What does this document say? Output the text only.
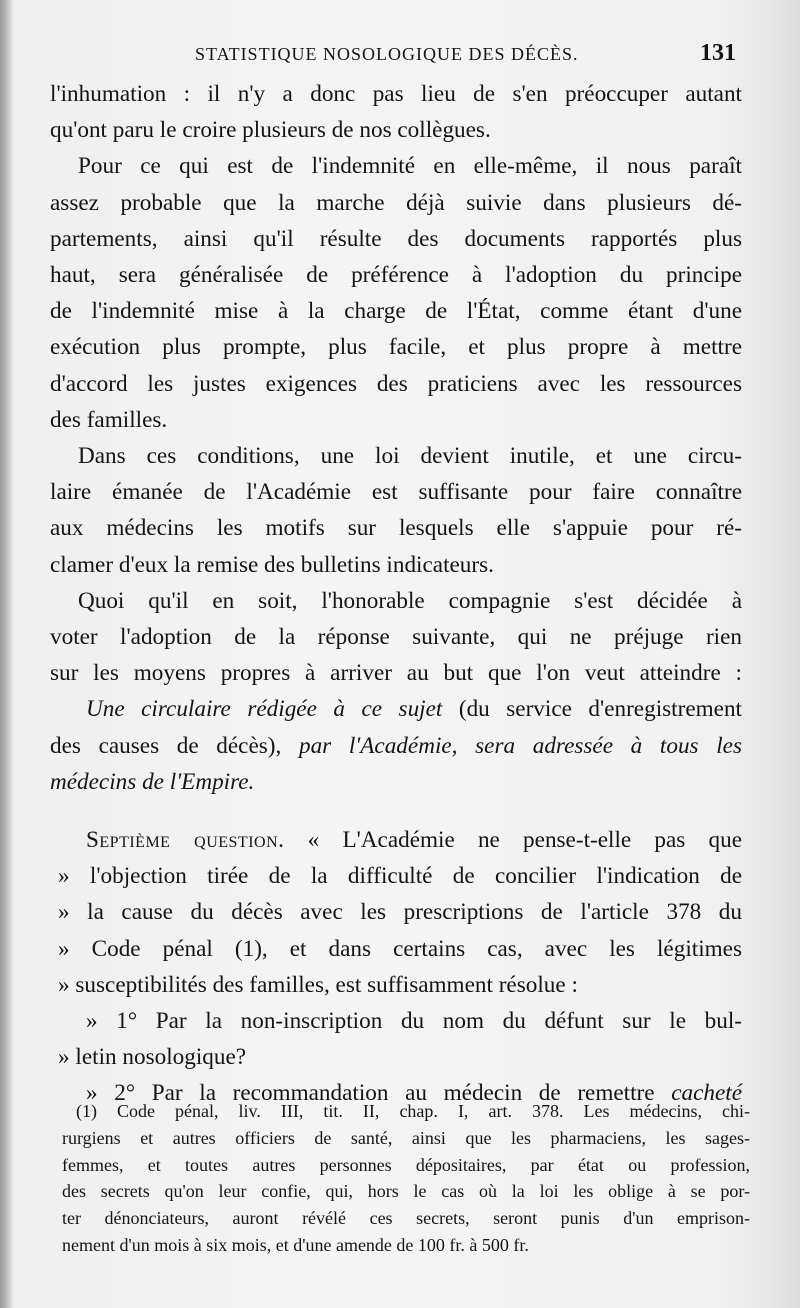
STATISTIQUE NOSOLOGIQUE DES DÉCÈS.	131

l'inhumation : il n'y a donc pas lieu de s'en préoccuper autant
qu'ont paru le croire plusieurs de nos collègues.

Pour ce qui est de l'indemnité en elle-même, il nous paraît
assez probable que la marche déjà suivie dans plusieurs dé-
partements, ainsi qu'il résulte des documents rapportés plus
haut, sera généralisée de préférence à l'adoption du principe
de l'indemnité mise à la charge de l'État, comme étant d'une
exécution plus prompte, plus facile, et plus propre à mettre
d'accord les justes exigences des praticiens avec les ressources
des familles.

Dans ces conditions, une loi devient inutile, et une circu-
laire émanée de l'Académie est suffisante pour faire connaître
aux médecins les motifs sur lesquels elle s'appuie pour ré-
clamer d'eux la remise des bulletins indicateurs.

Quoi qu'il en soit, l'honorable compagnie s'est décidée à
voter l'adoption de la réponse suivante, qui ne préjuge rien
sur les moyens propres à arriver au but que l'on veut atteindre :

Une circulaire rédigée à ce sujet (du service d'enregistrement
des causes de décès), par l'Académie, sera adressée à tous les
médecins de l'Empire.

Septième question. « L'Académie ne pense-t-elle pas que
» l'objection tirée de la difficulté de concilier l'indication de
» la cause du décès avec les prescriptions de l'article 378 du
» Code pénal (1), et dans certains cas, avec les légitimes
» susceptibilités des familles, est suffisamment résolue :
» 1° Par la non-inscription du nom du défunt sur le bul-
» letin nosologique?
» 2° Par la recommandation au médecin de remettre cacheté

(1) Code pénal, liv. III, tit. II, chap. I, art. 378. Les médecins, chi-
rurgiens et autres officiers de santé, ainsi que les pharmaciens, les sages-
femmes, et toutes autres personnes dépositaires, par état ou profession,
des secrets qu'on leur confie, qui, hors le cas où la loi les oblige à se por-
ter dénonciateurs, auront révélé ces secrets, seront punis d'un emprison-
nement d'un mois à six mois, et d'une amende de 100 fr. à 500 fr.
